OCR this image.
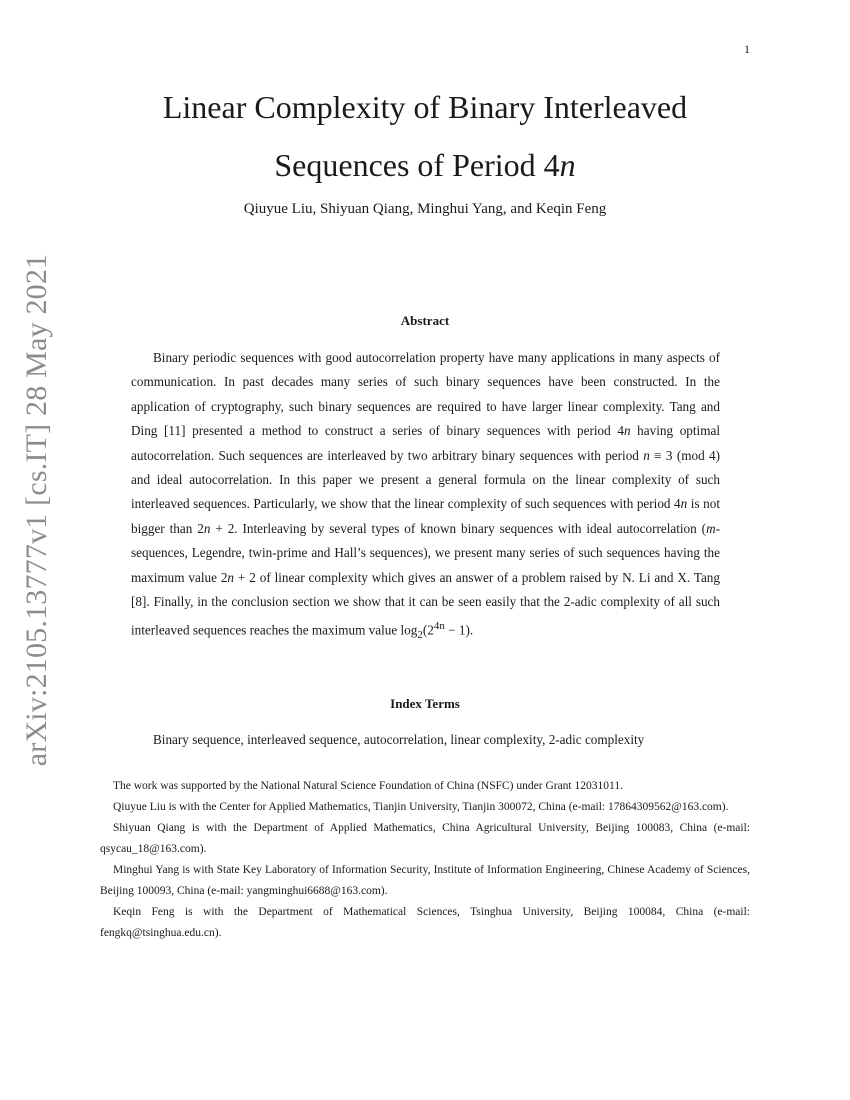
1
arXiv:2105.13777v1 [cs.IT] 28 May 2021
Linear Complexity of Binary Interleaved
Sequences of Period 4n
Qiuyue Liu, Shiyuan Qiang, Minghui Yang, and Keqin Feng
Abstract

Binary periodic sequences with good autocorrelation property have many applications in many aspects of communication. In past decades many series of such binary sequences have been constructed. In the application of cryptography, such binary sequences are required to have larger linear complexity. Tang and Ding [11] presented a method to construct a series of binary sequences with period 4n having optimal autocorrelation. Such sequences are interleaved by two arbitrary binary sequences with period n ≡ 3 (mod 4) and ideal autocorrelation. In this paper we present a general formula on the linear complexity of such interleaved sequences. Particularly, we show that the linear complexity of such sequences with period 4n is not bigger than 2n + 2. Interleaving by several types of known binary sequences with ideal autocorrelation (m-sequences, Legendre, twin-prime and Hall’s sequences), we present many series of such sequences having the maximum value 2n + 2 of linear complexity which gives an answer of a problem raised by N. Li and X. Tang [8]. Finally, in the conclusion section we show that it can be seen easily that the 2-adic complexity of all such interleaved sequences reaches the maximum value $\log_2(2^{4n} - 1)$.

Index Terms
Binary sequence, interleaved sequence, autocorrelation, linear complexity, 2-adic complexity

The work was supported by the National Natural Science Foundation of China (NSFC) under Grant 12031011.

Qiuyue Liu is with the Center for Applied Mathematics, Tianjin University, Tianjin 300072, China (e-mail: 17864309562@163.com).

Shiyuan Qiang is with the Department of Applied Mathematics, China Agricultural University, Beijing 100083, China (e-mail: qsycau_18@163.com).

Minghui Yang is with State Key Laboratory of Information Security, Institute of Information Engineering, Chinese Academy of Sciences, Beijing 100093, China (e-mail: yangminghui6688@163.com).

Keqin Feng is with the Department of Mathematical Sciences, Tsinghua University, Beijing 100084, China (e-mail: fengkq@tsinghua.edu.cn).
